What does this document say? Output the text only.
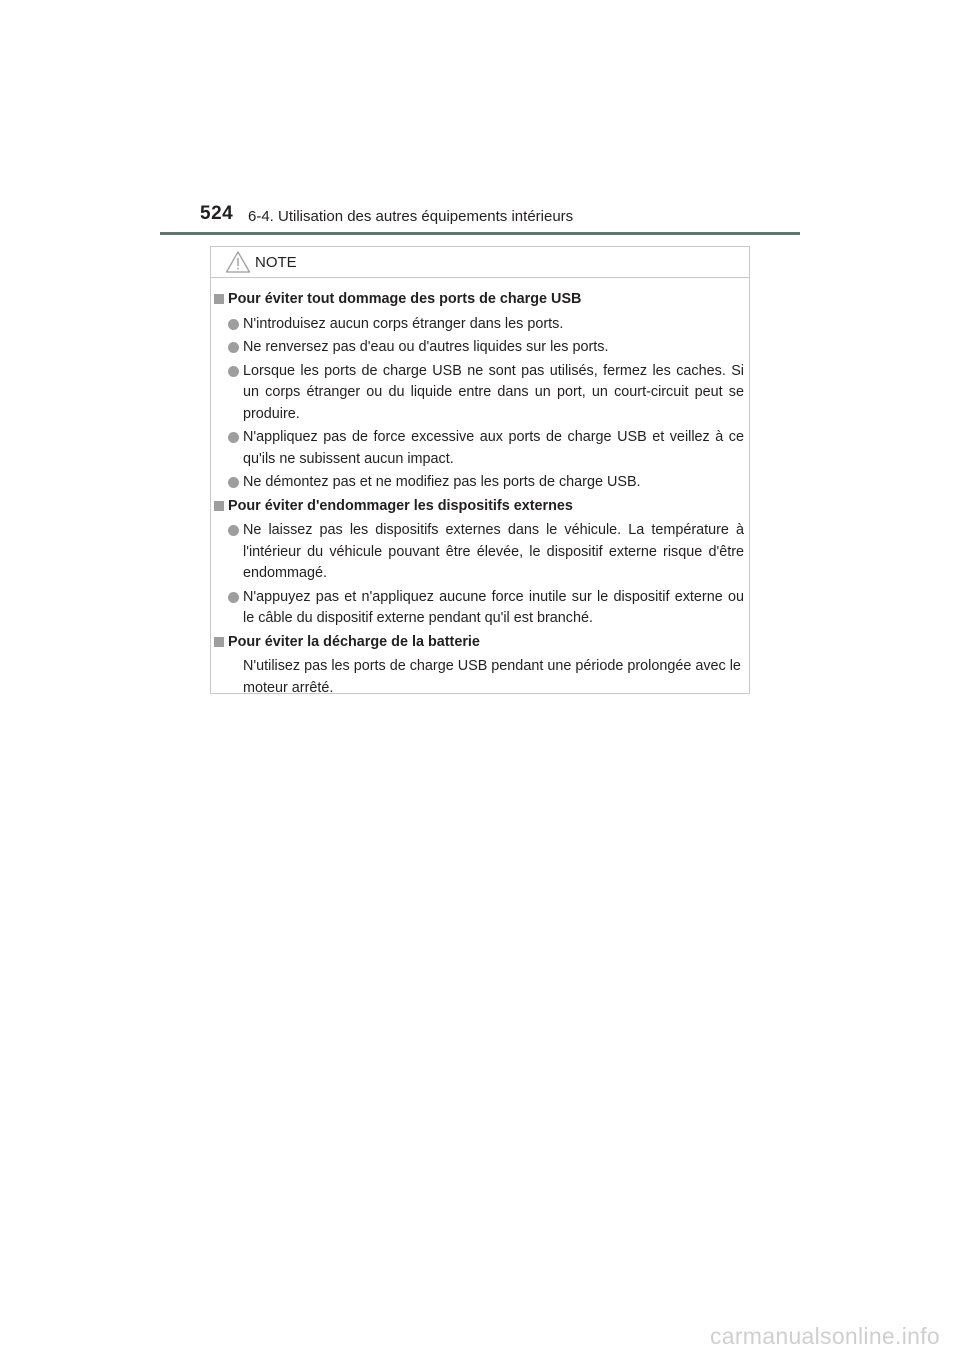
524 6-4. Utilisation des autres équipements intérieurs
NOTE
Pour éviter tout dommage des ports de charge USB
N'introduisez aucun corps étranger dans les ports.
Ne renversez pas d'eau ou d'autres liquides sur les ports.
Lorsque les ports de charge USB ne sont pas utilisés, fermez les caches. Si un corps étranger ou du liquide entre dans un port, un court-circuit peut se produire.
N'appliquez pas de force excessive aux ports de charge USB et veillez à ce qu'ils ne subissent aucun impact.
Ne démontez pas et ne modifiez pas les ports de charge USB.
Pour éviter d'endommager les dispositifs externes
Ne laissez pas les dispositifs externes dans le véhicule. La température à l'intérieur du véhicule pouvant être élevée, le dispositif externe risque d'être endommagé.
N'appuyez pas et n'appliquez aucune force inutile sur le dispositif externe ou le câble du dispositif externe pendant qu'il est branché.
Pour éviter la décharge de la batterie
N'utilisez pas les ports de charge USB pendant une période prolongée avec le moteur arrêté.
carmanualsonline.info
